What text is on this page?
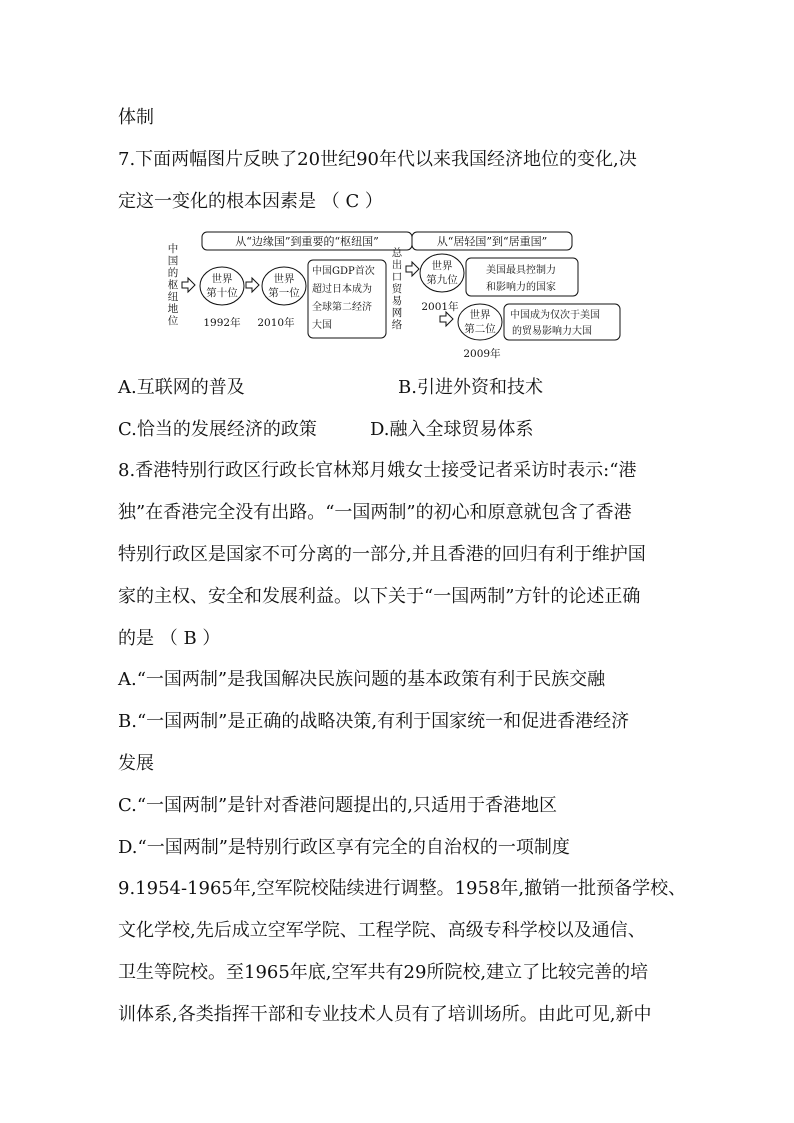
体制
7.下面两幅图片反映了20世纪90年代以来我国经济地位的变化,决
定这一变化的根本因素是 （ C ）
中
国
的
枢
纽
地
位
从“边缘国”到重要的“枢纽国”
世界
第十位
1992年
世界
第一位
2010年
中国GDP首次
超过日本成为
全球第二经济
大国
总
出
口
贸
易
网
络
从“居轻国”到“居重国”
世界
第九位
2001年
美国最具控制力
和影响力的国家
世界
第二位
2009年
中国成为仅次于美国
的贸易影响力大国
A.互联网的普及	B.引进外资和技术
C.恰当的发展经济的政策	D.融入全球贸易体系
8.香港特别行政区行政长官林郑月娥女士接受记者采访时表示:“港
独”在香港完全没有出路。“一国两制”的初心和原意就包含了香港
特别行政区是国家不可分离的一部分,并且香港的回归有利于维护国
家的主权、安全和发展利益。以下关于“一国两制”方针的论述正确
的是 （ B ）
A.“一国两制”是我国解决民族问题的基本政策有利于民族交融
B.“一国两制”是正确的战略决策,有利于国家统一和促进香港经济
发展
C.“一国两制”是针对香港问题提出的,只适用于香港地区
D.“一国两制”是特别行政区享有完全的自治权的一项制度
9.1954-1965年,空军院校陆续进行调整。1958年,撤销一批预备学校、
文化学校,先后成立空军学院、工程学院、高级专科学校以及通信、
卫生等院校。至1965年底,空军共有29所院校,建立了比较完善的培
训体系,各类指挥干部和专业技术人员有了培训场所。由此可见,新中
